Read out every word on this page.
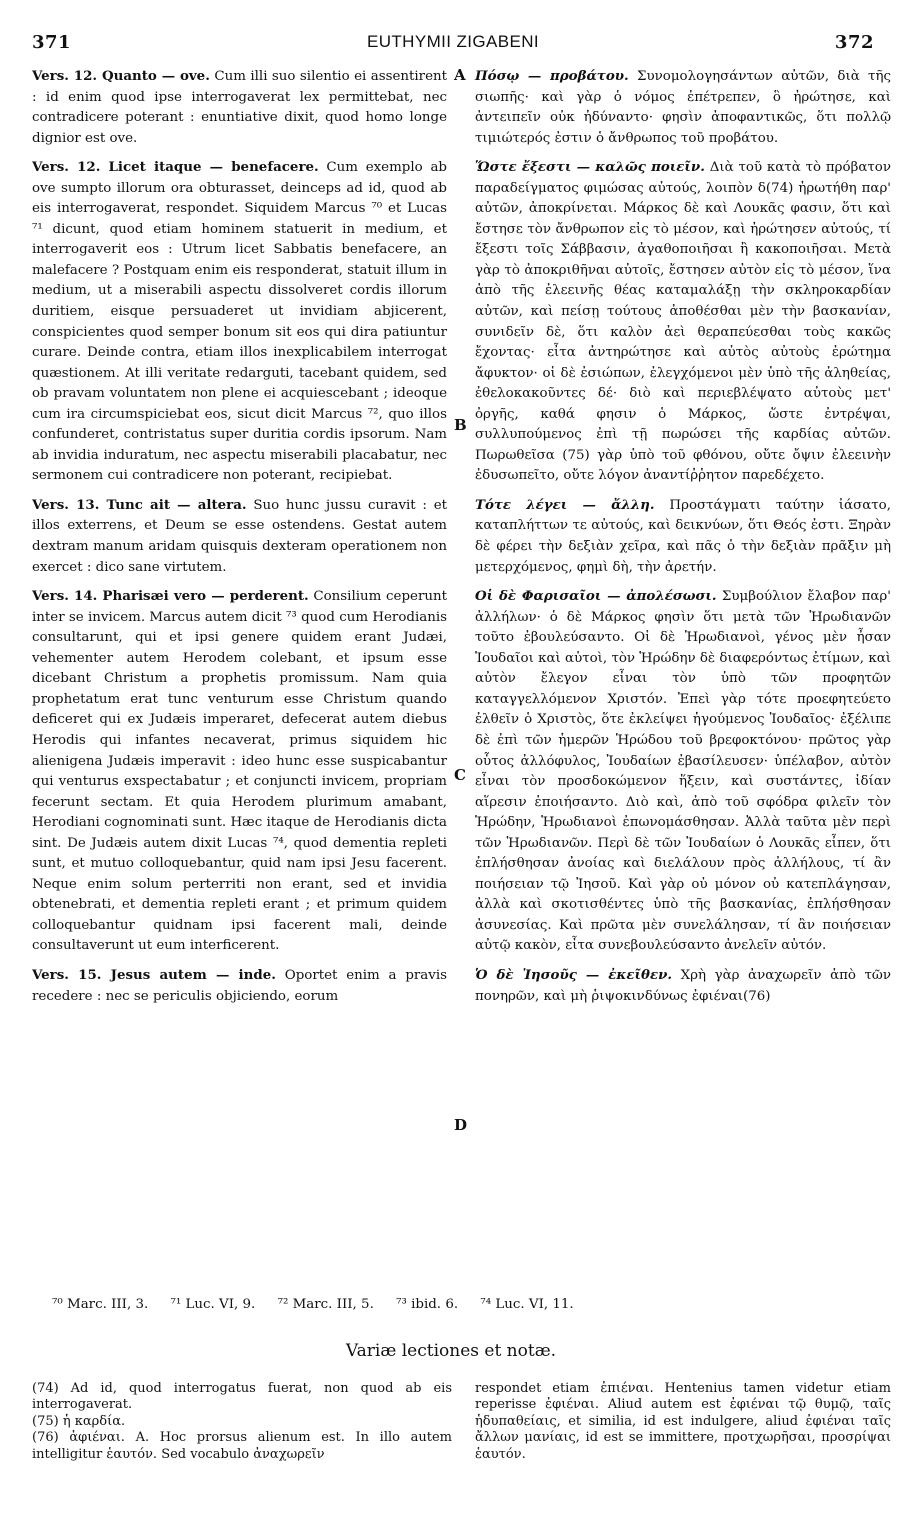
371	EUTHYMII ZIGABENI	372

Vers. 12. Quanto — ove. Cum illi suo silentio ei assentirent : id enim quod ipse interrogaverat lex permittebat, nec contradicere poterant : enuntiative dixit, quod homo longe dignior est ove.

Vers. 12. Licet itaque — benefacere. Cum exemplo ab ove sumpto illorum ora obturasset, deinceps ad id, quod ab eis interrogaverat, respondet. Siquidem Marcus ⁷⁰ et Lucas ⁷¹ dicunt, quod etiam hominem statuerit in medium, et interrogaverit eos : Utrum licet Sabbatis benefacere, an malefacere ? Postquam enim eis responderat, statuit illum in medium, ut a miserabili aspectu dissolveret cordis illorum duritiem, eisque persuaderet ut invidiam abjicerent, conspicientes quod semper bonum sit eos qui dira patiuntur curare. Deinde contra, etiam illos inexplicabilem interrogat quæstionem. At illi veritate redarguti, tacebant quidem, sed ob pravam voluntatem non plene ei acquiescebant ; ideoque cum ira circumspiciebat eos, sicut dicit Marcus ⁷², quo illos confunderet, contristatus super duritia cordis ipsorum. Nam ab invidia induratum, nec aspectu miserabili placabatur, nec sermonem cui contradicere non poterant, recipiebat.

Vers. 13. Tunc ait — altera. Suo hunc jussu curavit : et illos exterrens, et Deum se esse ostendens. Gestat autem dextram manum aridam quisquis dexteram operationem non exercet : dico sane virtutem.

Vers. 14. Pharisæi vero — perderent. Consilium ceperunt inter se invicem. Marcus autem dicit ⁷³ quod cum Herodianis consultarunt, qui et ipsi genere quidem erant Judæi, vehementer autem Herodem colebant, et ipsum esse dicebant Christum a prophetis promissum. Nam quia prophetatum erat tunc venturum esse Christum quando deficeret qui ex Judæis imperaret, defecerat autem diebus Herodis qui infantes necaverat, primus siquidem hic alienigena Judæis imperavit : ideo hunc esse suspicabantur qui venturus exspectabatur ; et conjuncti invicem, propriam fecerunt sectam. Et quia Herodem plurimum amabant, Herodiani cognominati sunt. Hæc itaque de Herodianis dicta sint. De Judæis autem dixit Lucas ⁷⁴, quod dementia repleti sunt, et mutuo colloquebantur, quid nam ipsi Jesu facerent. Neque enim solum perterriti non erant, sed et invidia obtenebrati, et dementia repleti erant ; et primum quidem colloquebantur quidnam ipsi facerent mali, deinde consultaverunt ut eum interficerent.

Vers. 15. Jesus autem — inde. Oportet enim a pravis recedere : nec se periculis objiciendo, eorum

A
B
C
D

Πόσῳ — προβάτου. Συνομολογησάντων αὐτῶν, διὰ τῆς σιωπῆς· καὶ γὰρ ὁ νόμος ἐπέτρεπεν, ὃ ἠρώτησε, καὶ ἀντειπεῖν οὐκ ἠδύναντο· φησὶν ἀποφαντικῶς, ὅτι πολλῷ τιμιώτερός ἐστιν ὁ ἄνθρωπος τοῦ προβάτου.

Ὥστε ἔξεστι — καλῶς ποιεῖν. Διὰ τοῦ κατὰ τὸ πρόβατον παραδείγματος φιμώσας αὐτούς, λοιπὸν δ(74) ἠρωτήθη παρ' αὐτῶν, ἀποκρίνεται. Μάρκος δὲ καὶ Λουκᾶς φασιν, ὅτι καὶ ἔστησε τὸν ἄνθρωπον εἰς τὸ μέσον, καὶ ἠρώτησεν αὐτούς, τί ἔξεστι τοῖς Σάββασιν, ἀγαθοποιῆσαι ἢ κακοποιῆσαι. Μετὰ γὰρ τὸ ἀποκριθῆναι αὐτοῖς, ἔστησεν αὐτὸν εἰς τὸ μέσον, ἵνα ἀπὸ τῆς ἐλεεινῆς θέας καταμαλάξῃ τὴν σκληροκαρδίαν αὐτῶν, καὶ πείσῃ τούτους ἀποθέσθαι μὲν τὴν βασκανίαν, συνιδεῖν δὲ, ὅτι καλὸν ἀεὶ θεραπεύεσθαι τοὺς κακῶς ἔχοντας· εἶτα ἀντηρώτησε καὶ αὐτὸς αὐτοὺς ἐρώτημα ἄφυκτον· οἱ δὲ ἐσιώπων, ἐλεγχόμενοι μὲν ὑπὸ τῆς ἀληθείας, ἐθελοκακοῦντες δέ· διὸ καὶ περιεβλέψατο αὐτοὺς μετ' ὀργῆς, καθά φησιν ὁ Μάρκος, ὥστε ἐντρέψαι, συλλυπούμενος ἐπὶ τῇ πωρώσει τῆς καρδίας αὐτῶν. Πωρωθεῖσα (75) γὰρ ὑπὸ τοῦ φθόνου, οὔτε ὄψιν ἐλεεινὴν ἐδυσωπεῖτο, οὔτε λόγον ἀναντίῤῥητον παρεδέχετο.

Τότε λέγει — ἄλλη. Προστάγματι ταύτην ἰάσατο, καταπλήττων τε αὐτούς, καὶ δεικνύων, ὅτι Θεός ἐστι. Ξηρὰν δὲ φέρει τὴν δεξιὰν χεῖρα, καὶ πᾶς ὁ τὴν δεξιὰν πρᾶξιν μὴ μετερχόμενος, φημὶ δὴ, τὴν ἀρετήν.

Οἱ δὲ Φαρισαῖοι — ἀπολέσωσι. Συμβούλιον ἔλαβον παρ' ἀλλήλων· ὁ δὲ Μάρκος φησὶν ὅτι μετὰ τῶν Ἡρωδιανῶν τοῦτο ἐβουλεύσαντο. Οἱ δὲ Ἡρωδιανοὶ, γένος μὲν ἦσαν Ἰουδαῖοι καὶ αὐτοὶ, τὸν Ἡρώδην δὲ διαφερόντως ἐτίμων, καὶ αὐτὸν ἔλεγον εἶναι τὸν ὑπὸ τῶν προφητῶν καταγγελλόμενον Χριστόν. Ἐπεὶ γὰρ τότε προεφητεύετο ἐλθεῖν ὁ Χριστὸς, ὅτε ἐκλείψει ἡγούμενος Ἰουδαῖος· ἐξέλιπε δὲ ἐπὶ τῶν ἡμερῶν Ἡρώδου τοῦ βρεφοκτόνου· πρῶτος γὰρ οὗτος ἀλλόφυλος, Ἰουδαίων ἐβασίλευσεν· ὑπέλαβον, αὐτὸν εἶναι τὸν προσδοκώμενον ἥξειν, καὶ συστάντες, ἰδίαν αἵρεσιν ἐποιήσαντο. Διὸ καὶ, ἀπὸ τοῦ σφόδρα φιλεῖν τὸν Ἡρώδην, Ἡρωδιανοὶ ἐπωνομάσθησαν. Ἀλλὰ ταῦτα μὲν περὶ τῶν Ἡρωδιανῶν. Περὶ δὲ τῶν Ἰουδαίων ὁ Λουκᾶς εἶπεν, ὅτι ἐπλήσθησαν ἀνοίας καὶ διελάλουν πρὸς ἀλλήλους, τί ἂν ποιήσειαν τῷ Ἰησοῦ. Καὶ γὰρ οὐ μόνον οὐ κατεπλάγησαν, ἀλλὰ καὶ σκοτισθέντες ὑπὸ τῆς βασκανίας, ἐπλήσθησαν ἀσυνεσίας. Καὶ πρῶτα μὲν συνελάλησαν, τί ἂν ποιήσειαν αὐτῷ κακὸν, εἶτα συνεβουλεύσαντο ἀνελεῖν αὐτόν.

Ὁ δὲ Ἰησοῦς — ἐκεῖθεν. Χρὴ γὰρ ἀναχωρεῖν ἀπὸ τῶν πονηρῶν, καὶ μὴ ῥιψοκινδύνως ἐφιέναι(76)

⁷⁰ Marc. III, 3. ⁷¹ Luc. VI, 9. ⁷² Marc. III, 5. ⁷³ ibid. 6. ⁷⁴ Luc. VI, 11.
Variæ lectiones et notæ.

(74) Ad id, quod interrogatus fuerat, non quod ab eis interrogaverat.

(75) ἡ καρδία.

(76) ἀφιέναι. A. Hoc prorsus alienum est. In illo autem intelligitur ἑαυτόν. Sed vocabulo ἀναχωρεῖν

respondet etiam ἐπιέναι. Hentenius tamen videtur etiam reperisse ἐφιέναι. Aliud autem est ἐφιέναι τῷ θυμῷ, ταῖς ἡδυπαθείαις, et similia, id est indulgere, aliud ἐφιέναι ταῖς ἄλλων μανίαις, id est se immittere, προτχωρῆσαι, προσρίψαι ἑαυτόν.
